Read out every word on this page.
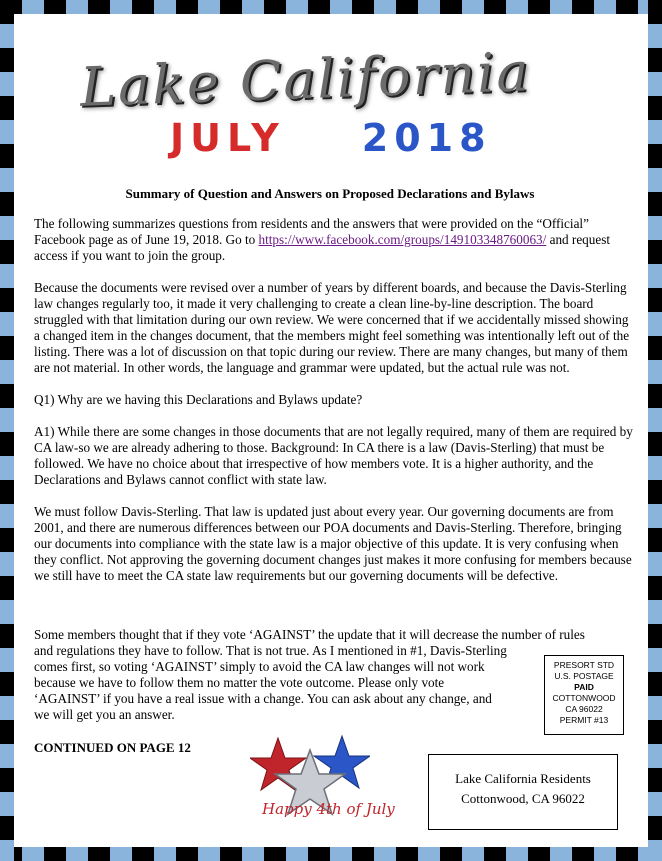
Lake California
JULY 2018
Summary of Question and Answers on Proposed Declarations and Bylaws

The following summarizes questions from residents and the answers that were provided on the “Official” Facebook page as of June 19, 2018. Go to https://www.facebook.com/groups/149103348760063/ and request access if you want to join the group.

Because the documents were revised over a number of years by different boards, and because the Davis-Sterling law changes regularly too, it made it very challenging to create a clean line-by-line description. The board struggled with that limitation during our own review. We were concerned that if we accidentally missed showing a changed item in the changes document, that the members might feel something was intentionally left out of the listing. There was a lot of discussion on that topic during our review. There are many changes, but many of them are not material. In other words, the language and grammar were updated, but the actual rule was not.

Q1) Why are we having this Declarations and Bylaws update?

A1) While there are some changes in those documents that are not legally required, many of them are required by CA law-so we are already adhering to those. Background: In CA there is a law (Davis-Sterling) that must be followed. We have no choice about that irrespective of how members vote. It is a higher authority, and the Declarations and Bylaws cannot conflict with state law.

We must follow Davis-Sterling. That law is updated just about every year. Our governing documents are from 2001, and there are numerous differences between our POA documents and Davis-Sterling. Therefore, bringing our documents into compliance with the state law is a major objective of this update. It is very confusing when they conflict. Not approving the governing document changes just makes it more confusing for members because we still have to meet the CA state law requirements but our governing documents will be defective.

Some members thought that if they vote ‘AGAINST’ the update that it will decrease the number of rules
and regulations they have to follow. That is not true. As I mentioned in #1, Davis-Sterling
comes first, so voting ‘AGAINST’ simply to avoid the CA law changes will not work
because we have to follow them no matter the vote outcome. Please only vote
‘AGAINST’ if you have a real issue with a change. You can ask about any change, and
we will get you an answer.
PRESORT STD
U.S. POSTAGE
PAID
COTTONWOOD
CA 96022
PERMIT #13
CONTINUED ON PAGE 12
Happy 4th of July
Lake California Residents
Cottonwood, CA 96022
